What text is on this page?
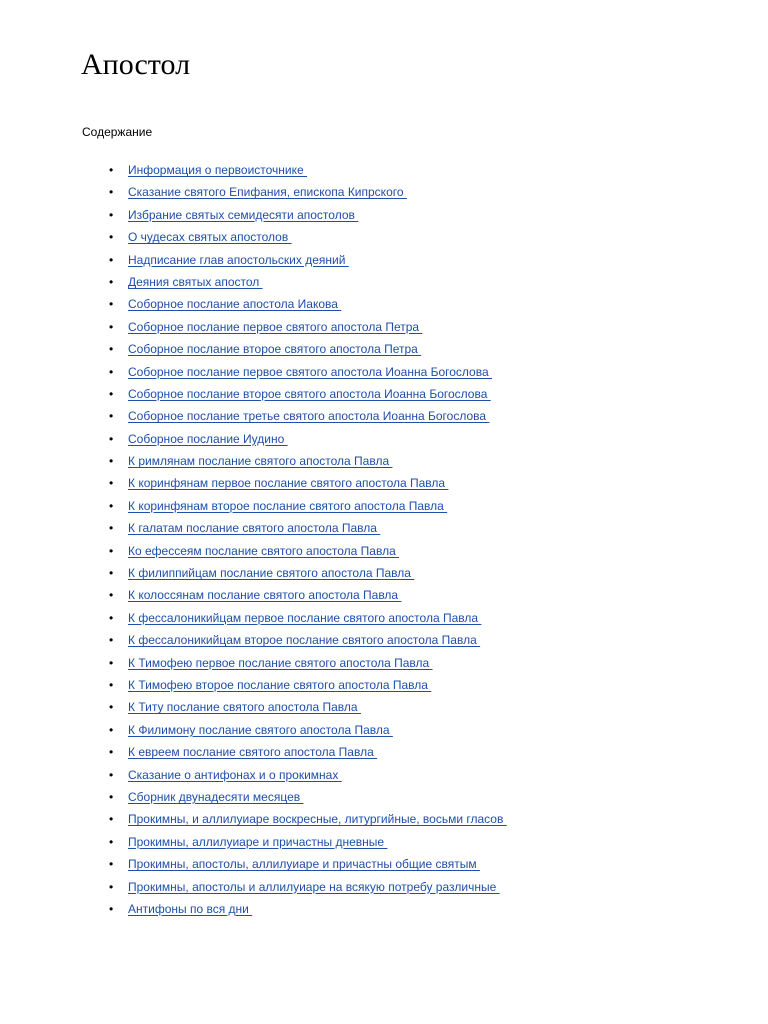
Апостол
Содержание
• Информация о первоисточнике
• Сказание святого Епифания, епископа Кипрского
• Избрание святых семидесяти апостолов
• О чудесах святых апостолов
• Надписание глав апостольских деяний
• Деяния святых апостол
• Соборное послание апостола Иакова
• Соборное послание первое святого апостола Петра
• Соборное послание второе святого апостола Петра
• Соборное послание первое святого апостола Иоанна Богослова
• Соборное послание второе святого апостола Иоанна Богослова
• Соборное послание третье святого апостола Иоанна Богослова
• Соборное послание Иудино
• К римлянам послание святого апостола Павла
• К коринфянам первое послание святого апостола Павла
• К коринфянам второе послание святого апостола Павла
• К галатам послание святого апостола Павла
• Ко ефессеям послание святого апостола Павла
• К филиппийцам послание святого апостола Павла
• К колоссянам послание святого апостола Павла
• К фессалоникийцам первое послание святого апостола Павла
• К фессалоникийцам второе послание святого апостола Павла
• К Тимофею первое послание святого апостола Павла
• К Тимофею второе послание святого апостола Павла
• К Титу послание святого апостола Павла
• К Филимону послание святого апостола Павла
• К евреем послание святого апостола Павла
• Сказание о антифонах и о прокимнах
• Сборник двунадесяти месяцев
• Прокимны, и аллилуиаре воскресные, литургийные, восьми гласов
• Прокимны, аллилуиаре и причастны дневные
• Прокимны, апостолы, аллилуиаре и причастны общие святым
• Прокимны, апостолы и аллилуиаре на всякую потребу различные
• Антифоны по вся дни
